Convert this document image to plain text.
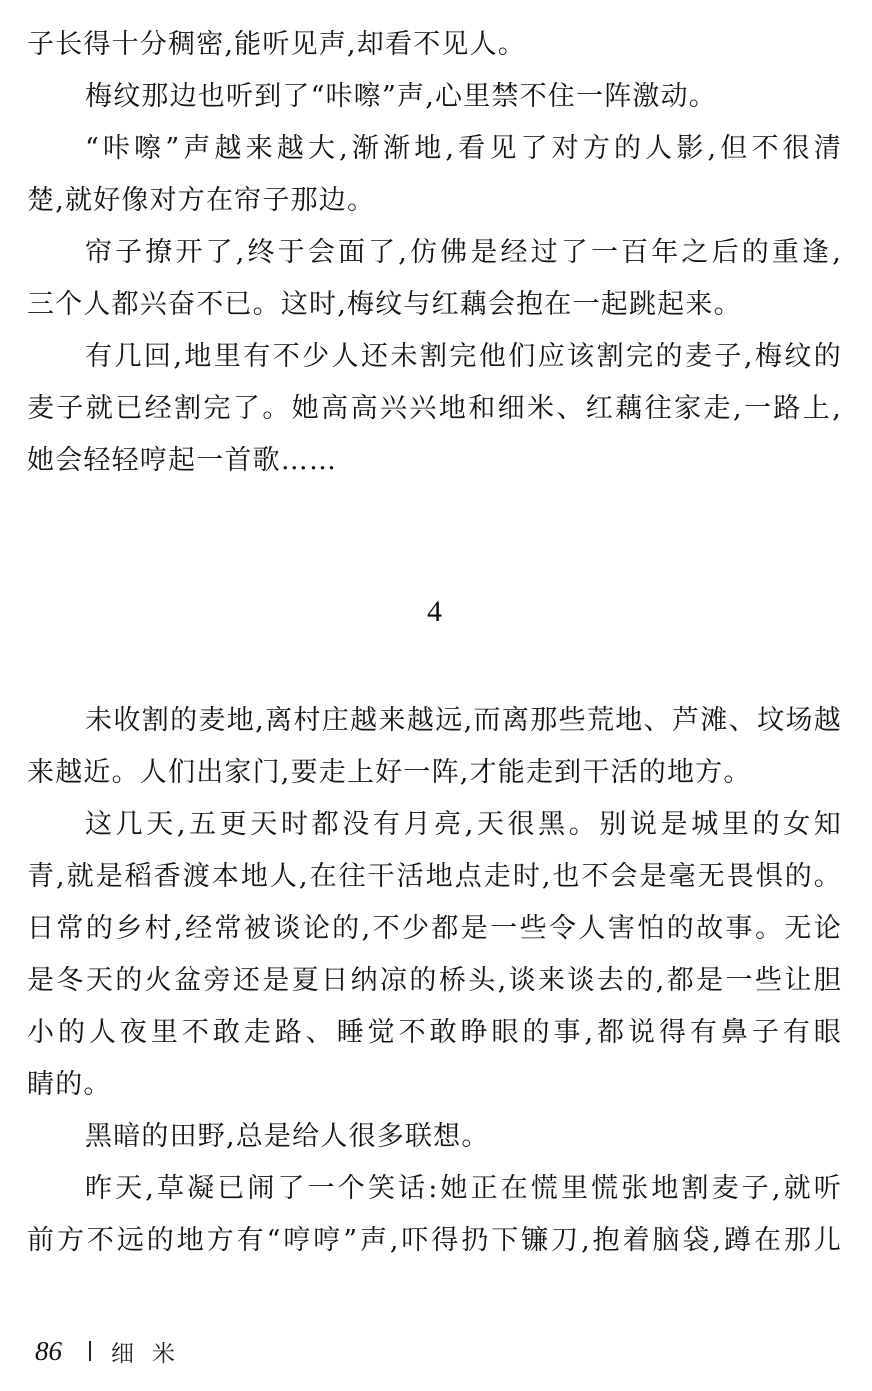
子长得十分稠密,能听见声,却看不见人。
梅纹那边也听到了“咔嚓”声,心里禁不住一阵激动。
“咔嚓”声越来越大,渐渐地,看见了对方的人影,但不很清
楚,就好像对方在帘子那边。
帘子撩开了,终于会面了,仿佛是经过了一百年之后的重逢,
三个人都兴奋不已。这时,梅纹与红藕会抱在一起跳起来。
有几回,地里有不少人还未割完他们应该割完的麦子,梅纹的
麦子就已经割完了。她高高兴兴地和细米、红藕往家走,一路上,
她会轻轻哼起一首歌……
4
未收割的麦地,离村庄越来越远,而离那些荒地、芦滩、坟场越
来越近。人们出家门,要走上好一阵,才能走到干活的地方。
这几天,五更天时都没有月亮,天很黑。别说是城里的女知
青,就是稻香渡本地人,在往干活地点走时,也不会是毫无畏惧的。
日常的乡村,经常被谈论的,不少都是一些令人害怕的故事。无论
是冬天的火盆旁还是夏日纳凉的桥头,谈来谈去的,都是一些让胆
小的人夜里不敢走路、睡觉不敢睁眼的事,都说得有鼻子有眼
睛的。
黑暗的田野,总是给人很多联想。
昨天,草凝已闹了一个笑话:她正在慌里慌张地割麦子,就听
前方不远的地方有“哼哼”声,吓得扔下镰刀,抱着脑袋,蹲在那儿
86	细米
